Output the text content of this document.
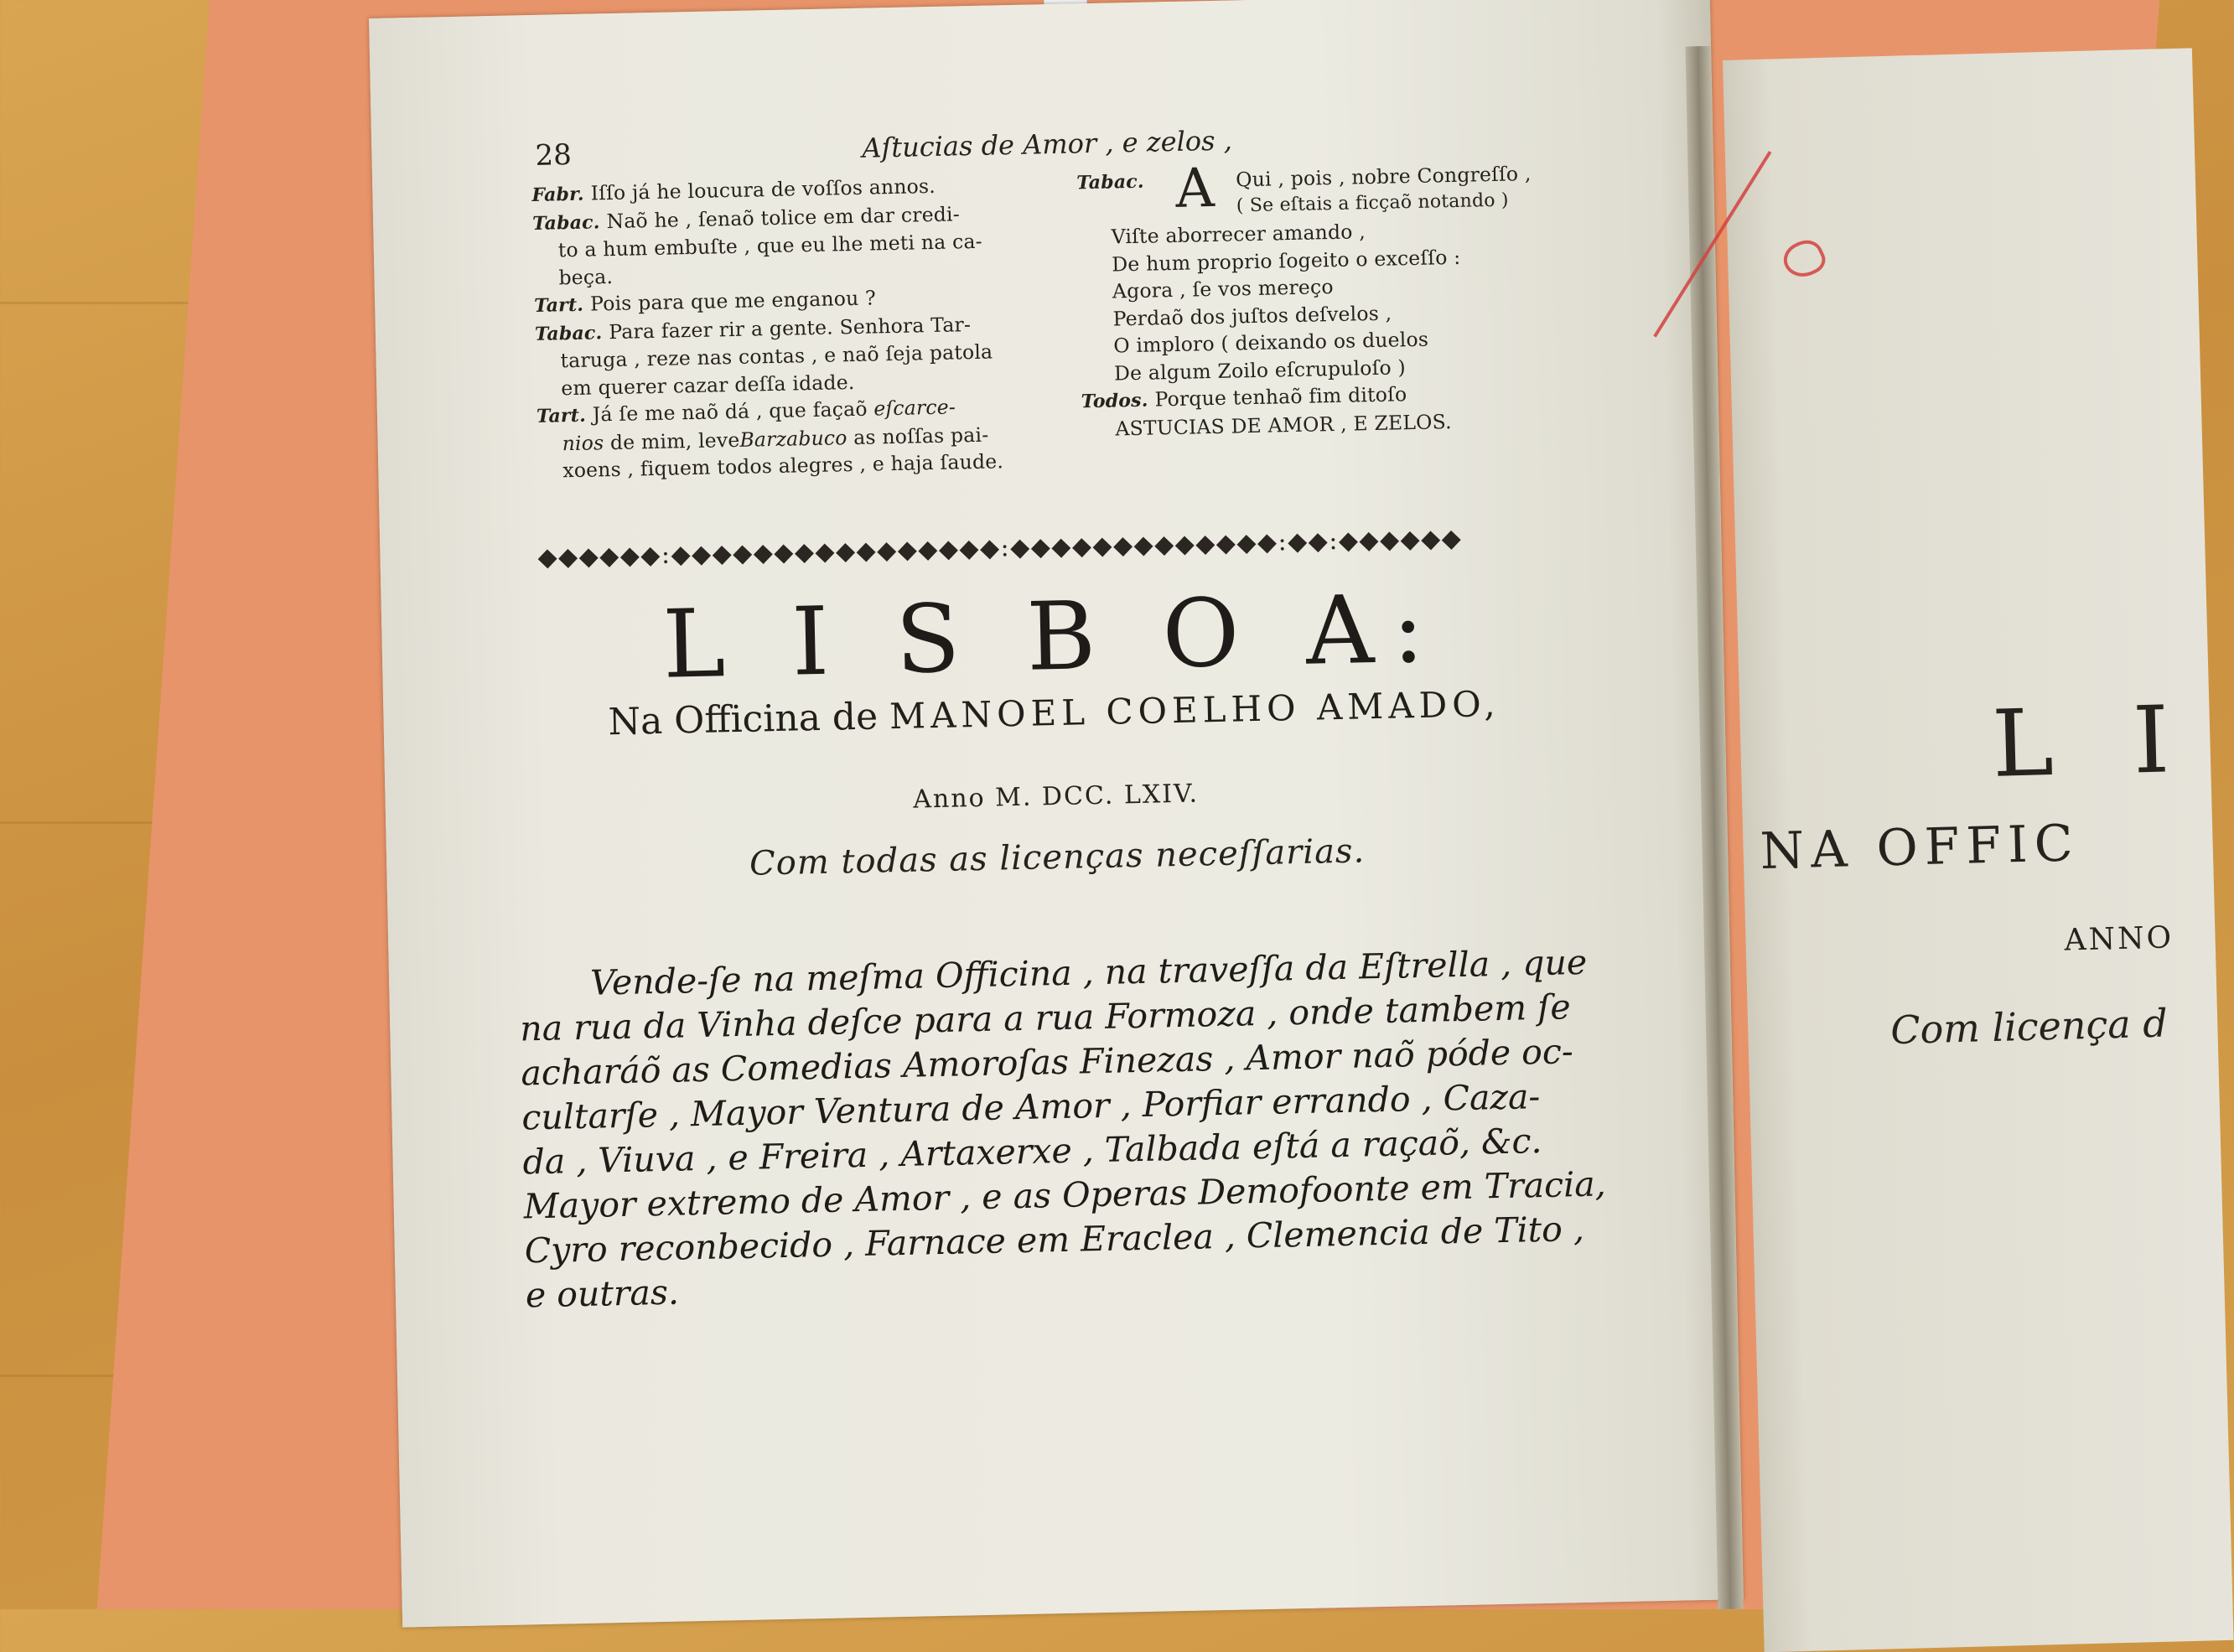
28	Aſtucias de Amor , e zelos ,
Fabr. Iſſo já he loucura de voſſos annos.
Tabac. Naõ he , ſenaõ tolice em dar credi-
to a hum embuſte , que eu lhe meti na ca-
beça.
Tart. Pois para que me enganou ?
Tabac. Para fazer rir a gente. Senhora Tar-
taruga , reze nas contas , e naõ ſeja patola
em querer cazar deſſa idade.
Tart. Já ſe me naõ dá , que façaõ eſcarce-
nios de mim, leveBarzabuco as noſſas pai-
xoens , fiquem todos alegres , e haja ſaude.
Tabac. A Qui , pois , nobre Congreſſo ,
( Se eſtais a ficçaõ notando )
Viſte aborrecer amando ,
De hum proprio ſogeito o exceſſo :
Agora , ſe vos mereço
Perdaõ dos juſtos deſvelos ,
O imploro ( deixando os duelos
De algum Zoilo eſcrupuloſo )
Todos. Porque tenhaõ fim ditoſo
ASTUCIAS DE AMOR , E ZELOS.
◆◆◆◆◆◆:◆◆◆◆◆◆◆◆◆◆◆◆◆◆◆◆:◆◆◆◆◆◆◆◆◆◆◆◆◆:◆◆:◆◆◆◆◆◆
L I S B O A:
Na Officina de MANOEL COELHO AMADO,
Anno M. DCC. LXIV.
Com todas as licenças neceſſarias.
Vende-ſe na meſma Officina , na traveſſa da Eſtrella , que
na rua da Vinha deſce para a rua Formoza , onde tambem ſe
acharáõ as Comedias Amoroſas Finezas , Amor naõ póde oc-
cultarſe , Mayor Ventura de Amor , Porfiar errando , Caza-
da , Viuva , e Freira , Artaxerxe , Talbada eſtá a raçaõ, &c.
Mayor extremo de Amor , e as Operas Demofoonte em Tracia,
Cyro reconbecido , Farnace em Eraclea , Clemencia de Tito ,
e outras.
L I
NA OFFIC
ANNO
Com licença d
